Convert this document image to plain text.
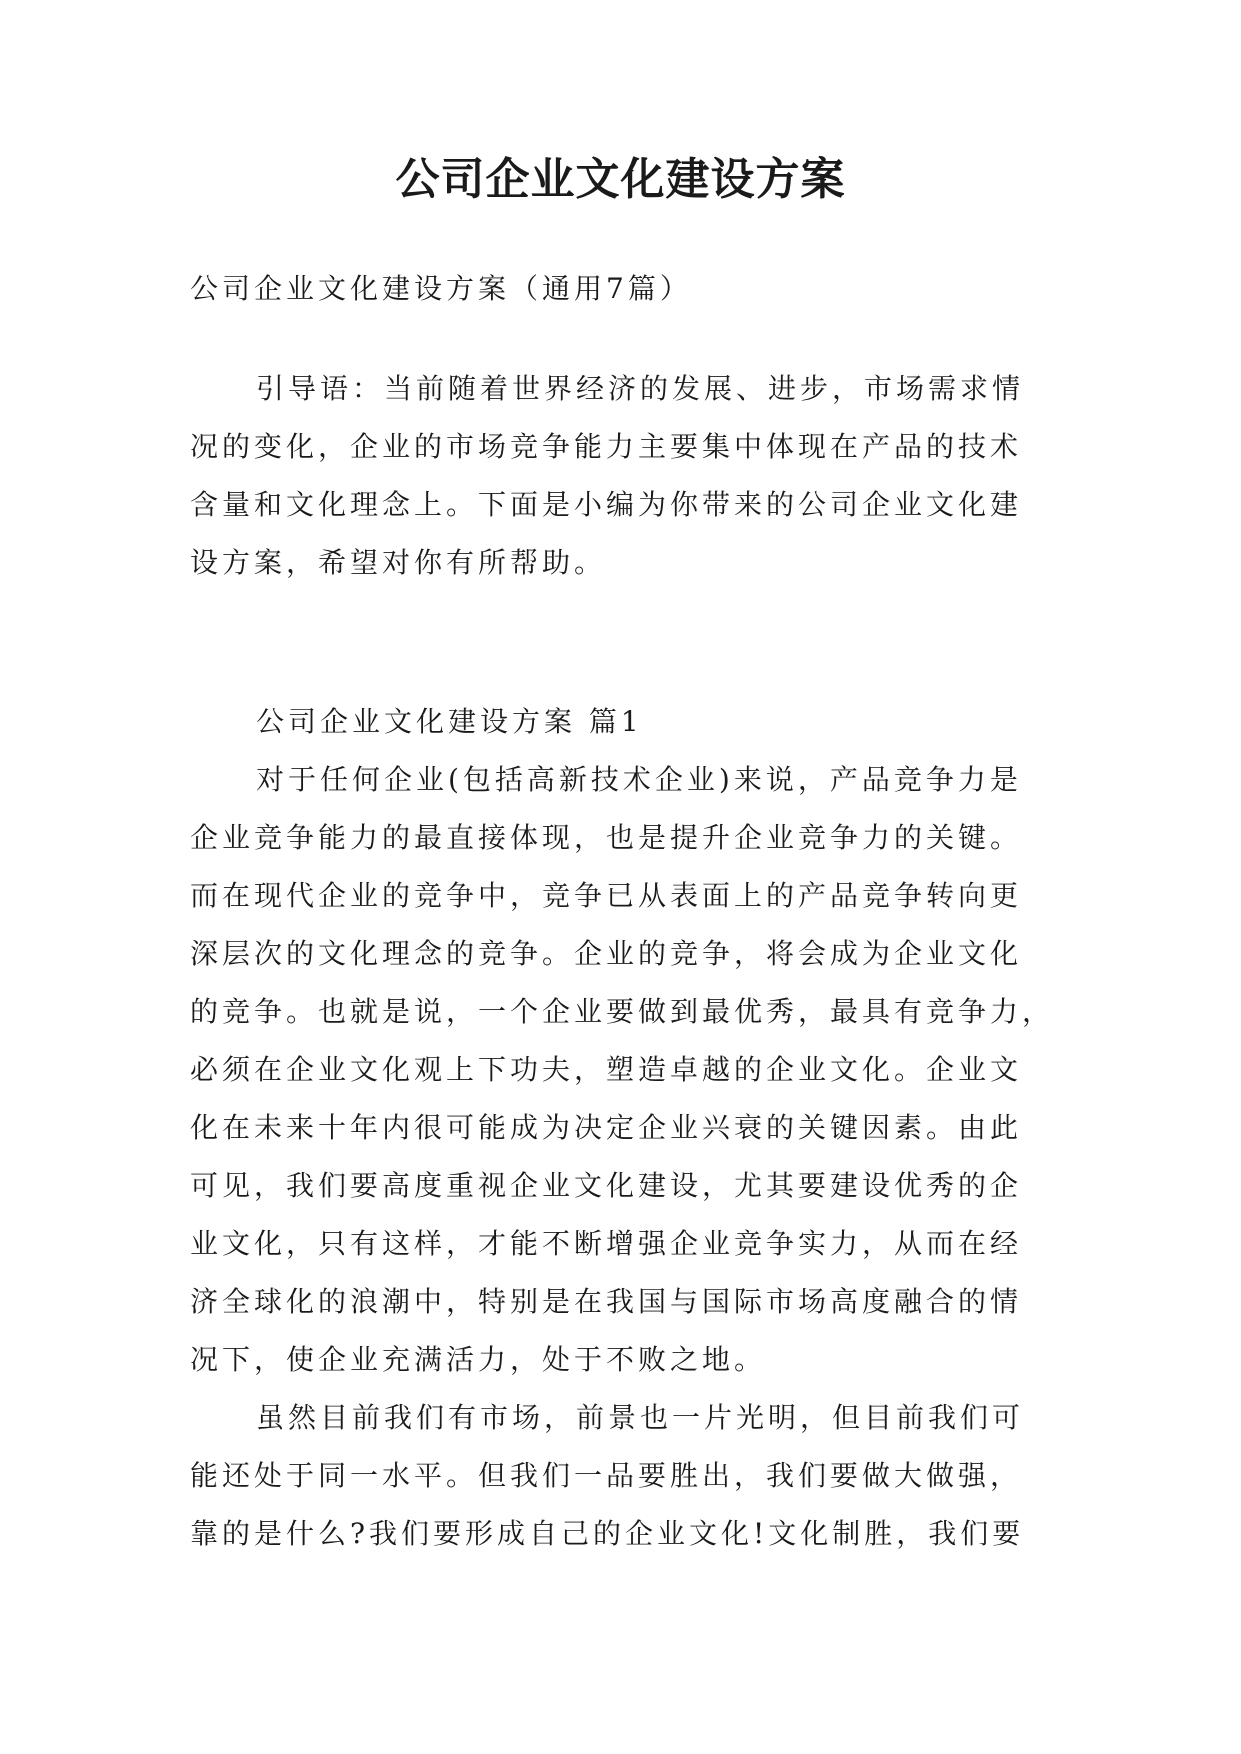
公司企业文化建设方案
公司企业文化建设方案（通用7篇）
引导语：当前随着世界经济的发展、进步，市场需求情
况的变化，企业的市场竞争能力主要集中体现在产品的技术
含量和文化理念上。下面是小编为你带来的公司企业文化建
设方案，希望对你有所帮助。
公司企业文化建设方案 篇1
对于任何企业(包括高新技术企业)来说，产品竞争力是
企业竞争能力的最直接体现，也是提升企业竞争力的关键。
而在现代企业的竞争中，竞争已从表面上的产品竞争转向更
深层次的文化理念的竞争。企业的竞争，将会成为企业文化
的竞争。也就是说，一个企业要做到最优秀，最具有竞争力，
必须在企业文化观上下功夫，塑造卓越的企业文化。企业文
化在未来十年内很可能成为决定企业兴衰的关键因素。由此
可见，我们要高度重视企业文化建设，尤其要建设优秀的企
业文化，只有这样，才能不断增强企业竞争实力，从而在经
济全球化的浪潮中，特别是在我国与国际市场高度融合的情
况下，使企业充满活力，处于不败之地。
虽然目前我们有市场，前景也一片光明，但目前我们可
能还处于同一水平。但我们一品要胜出，我们要做大做强，
靠的是什么?我们要形成自己的企业文化!文化制胜，我们要
